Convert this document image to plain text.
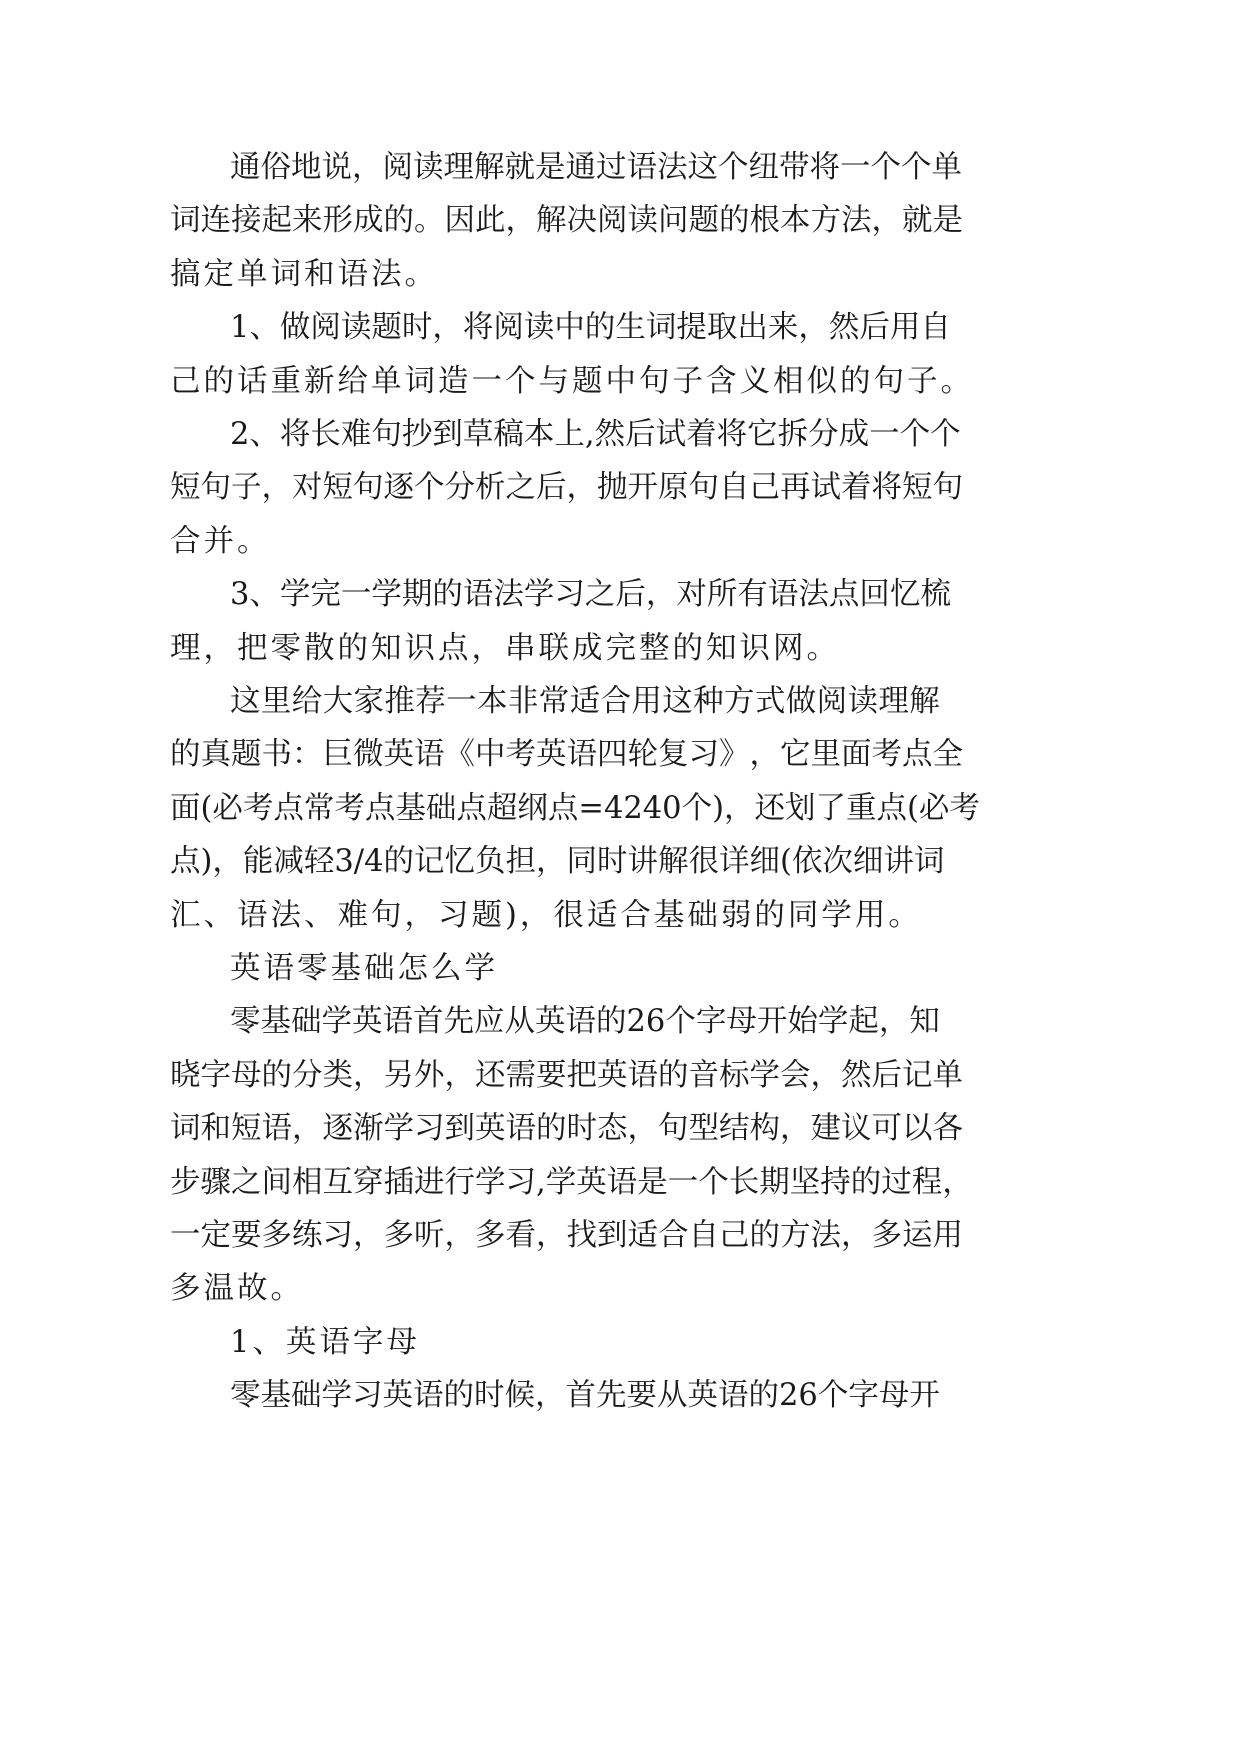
通 俗 地 说 ， 阅 读 理 解 就 是 通 过 语 法 这 个 纽 带 将 一 个 个 单
词 连 接 起 来 形 成 的 。 因 此 ， 解 决 阅 读 问 题 的 根 本 方 法 ， 就 是
搞定单词和语法。
1 、 做 阅 读 题 时 ， 将 阅 读 中 的 生 词 提 取 出 来 ， 然 后 用 自
己的话重新给单词造一个与题中句子含义相似的句子。
2 、 将 长 难 句 抄 到 草 稿 本 上 , 然 后 试 着 将 它 拆 分 成 一 个 个
短 句 子 ， 对 短 句 逐 个 分 析 之 后 ， 抛 开 原 句 自 己 再 试 着 将 短 句
合并。
3 、 学 完 一 学 期 的 语 法 学 习 之 后 ， 对 所 有 语 法 点 回 忆 梳
理，把零散的知识点，串联成完整的知识网。
这 里 给 大 家 推 荐 一 本 非 常 适 合 用 这 种 方 式 做 阅 读 理 解
的 真 题 书 ： 巨 微 英 语 《 中 考 英 语 四 轮 复 习 》 ， 它 里 面 考 点 全
面 ( 必 考 点 常 考 点 基 础 点 超 纲 点 =4240 个 ) ， 还 划 了 重 点 ( 必 考
点 ) ， 能 减 轻 3/4 的 记 忆 负 担 ， 同 时 讲 解 很 详 细 ( 依 次 细 讲 词
汇、语法、难句，习题)，很适合基础弱的同学用。
英语零基础怎么学
零 基 础 学 英 语 首 先 应 从 英 语 的 26 个 字 母 开 始 学 起 ， 知
晓 字 母 的 分 类 ， 另 外 ， 还 需 要 把 英 语 的 音 标 学 会 ， 然 后 记 单
词 和 短 语 ， 逐 渐 学 习 到 英 语 的 时 态 ， 句 型 结 构 ， 建 议 可 以 各
步 骤 之 间 相 互 穿 插 进 行 学 习 , 学 英 语 是 一 个 长 期 坚 持 的 过 程 ，
一 定 要 多 练 习 ， 多 听 ， 多 看 ， 找 到 适 合 自 己 的 方 法 ， 多 运 用
多温故。
1、英语字母
零 基 础 学 习 英 语 的 时 候 ， 首 先 要 从 英 语 的 26 个 字 母 开
